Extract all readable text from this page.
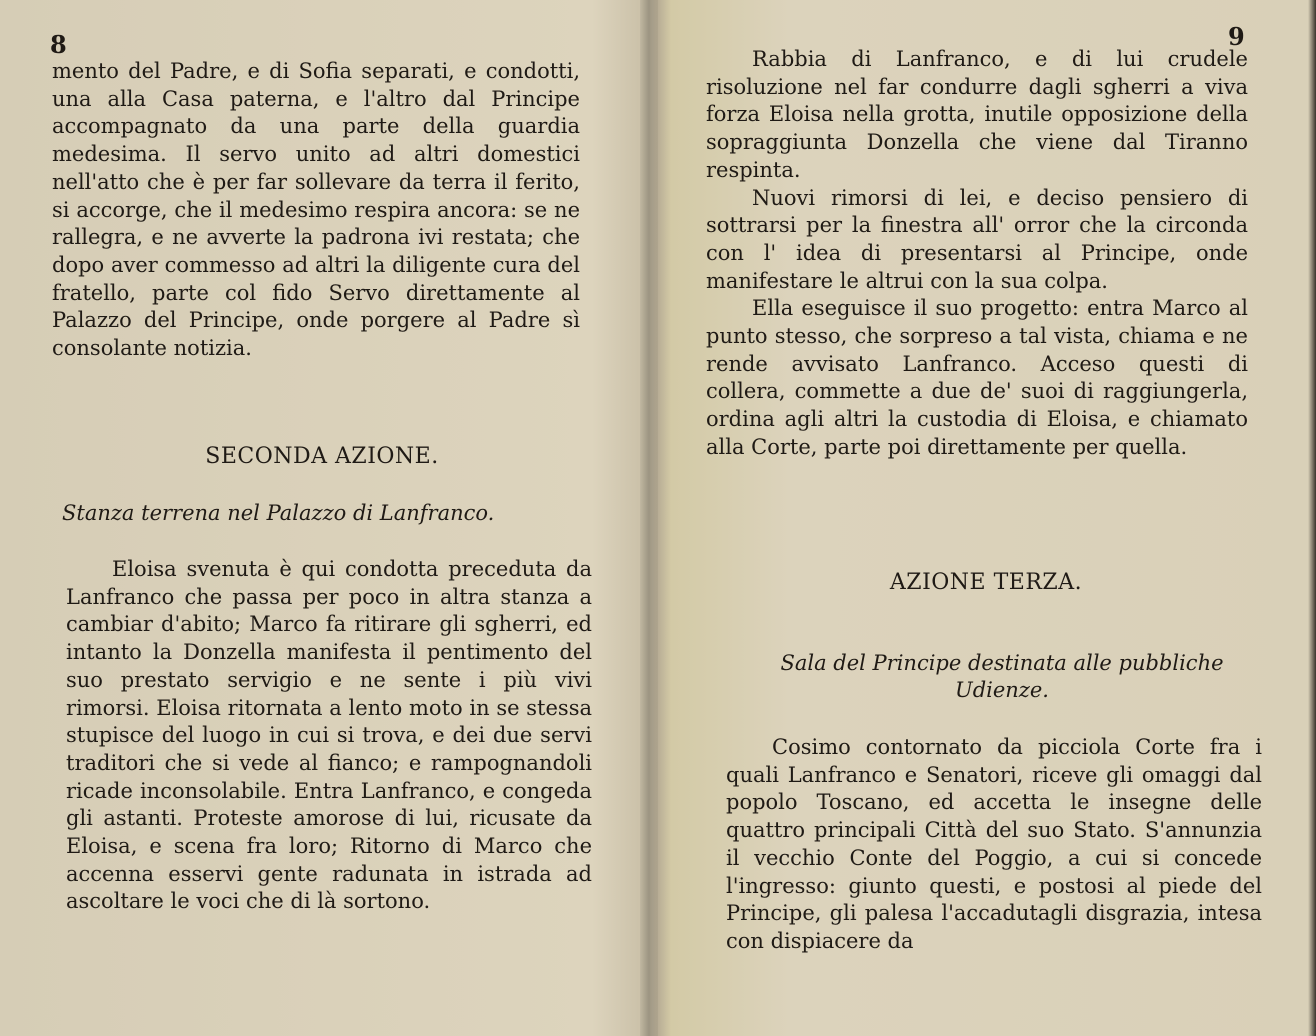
8

mento del Padre, e di Sofia separati, e condotti, una alla Casa paterna, e l'altro dal Principe accompagnato da una parte della guardia medesima. Il servo unito ad altri domestici nell'atto che è per far sollevare da terra il ferito, si accorge, che il medesimo respira ancora: se ne rallegra, e ne avverte la padrona ivi restata; che dopo aver commesso ad altri la diligente cura del fratello, parte col fido Servo direttamente al Palazzo del Principe, onde porgere al Padre sì consolante notizia.

SECONDA AZIONE.
Stanza terrena nel Palazzo di Lanfranco.

Eloisa svenuta è qui condotta preceduta da Lanfranco che passa per poco in altra stanza a cambiar d'abito; Marco fa ritirare gli sgherri, ed intanto la Donzella manifesta il pentimento del suo prestato servigio e ne sente i più vivi rimorsi. Eloisa ritornata a lento moto in se stessa stupisce del luogo in cui si trova, e dei due servi traditori che si vede al fianco; e rampognandoli ricade inconsolabile. Entra Lanfranco, e congeda gli astanti. Proteste amorose di lui, ricusate da Eloisa, e scena fra loro; Ritorno di Marco che accenna esservi gente radunata in istrada ad ascoltare le voci che di là sortono.

9

Rabbia di Lanfranco, e di lui crudele risoluzione nel far condurre dagli sgherri a viva forza Eloisa nella grotta, inutile opposizione della sopraggiunta Donzella che viene dal Tiranno respinta.

Nuovi rimorsi di lei, e deciso pensiero di sottrarsi per la finestra all' orror che la circonda con l' idea di presentarsi al Principe, onde manifestare le altrui con la sua colpa.

Ella eseguisce il suo progetto: entra Marco al punto stesso, che sorpreso a tal vista, chiama e ne rende avvisato Lanfranco. Acceso questi di collera, commette a due de' suoi di raggiungerla, ordina agli altri la custodia di Eloisa, e chiamato alla Corte, parte poi direttamente per quella.

AZIONE TERZA.
Sala del Principe destinata alle pubbliche
Udienze.

Cosimo contornato da picciola Corte fra i quali Lanfranco e Senatori, riceve gli omaggi dal popolo Toscano, ed accetta le insegne delle quattro principali Città del suo Stato. S'annunzia il vecchio Conte del Poggio, a cui si concede l'ingresso: giunto questi, e postosi al piede del Principe, gli palesa l'accadutagli disgrazia, intesa con dispiacere da
